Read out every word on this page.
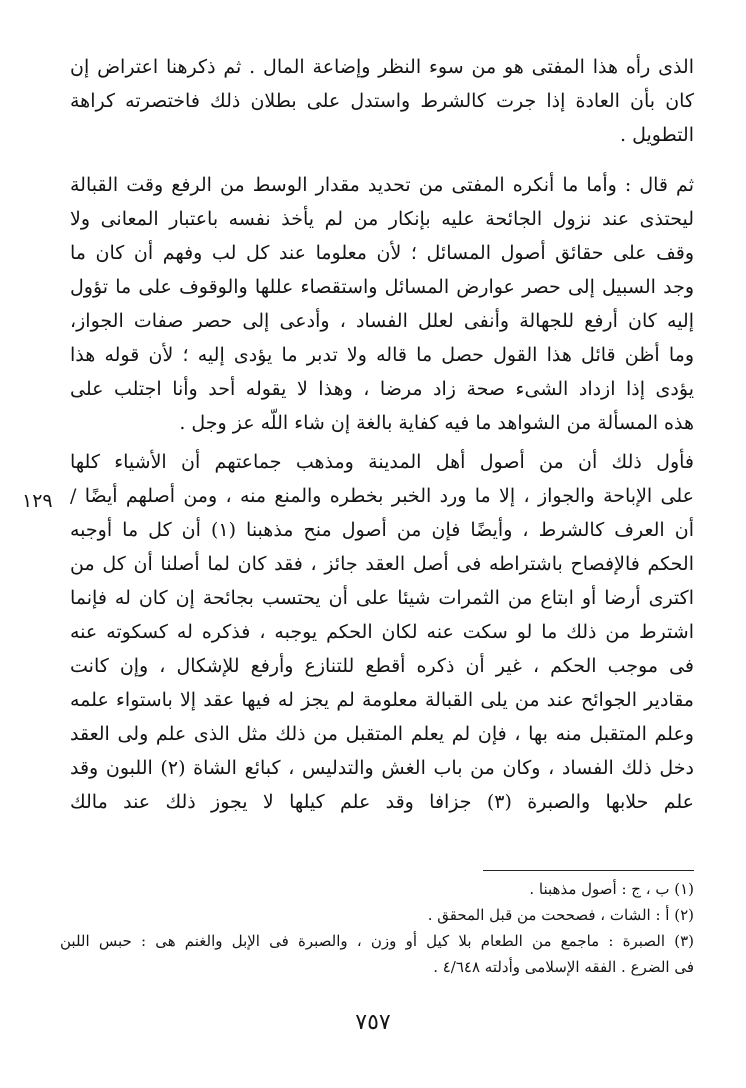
الذى رأه هذا المفتى هو من سوء النظر وإضاعة المال . ثم ذكرهنا اعتراض إن
كان بأن العادة إذا جرت كالشرط واستدل على بطلان ذلك فاختصرته كراهة
التطويل .
ثم قال : وأما ما أنكره المفتى من تحديد مقدار الوسط من الرفع وقت القبالة
ليحتذى عند نزول الجائحة عليه بإنكار من لم يأخذ نفسه باعتبار المعانى ولا
وقف على حقائق أصول المسائل ؛ لأن معلوما عند كل لب وفهم أن كان ما
وجد السبيل إلى حصر عوارض المسائل واستقصاء عللها والوقوف على ما تؤول
إليه كان أرفع للجهالة وأنفى لعلل الفساد ، وأدعى إلى حصر صفات الجواز،
وما أظن قائل هذا القول حصل ما قاله ولا تدبر ما يؤدى إليه ؛ لأن قوله هذا
يؤدى إذا ازداد الشىء صحة زاد مرضا ، وهذا لا يقوله أحد وأنا اجتلب على
هذه المسألة من الشواهد ما فيه كفاية بالغة إن شاء اللّه عز وجل .
فأول ذلك أن من أصول أهل المدينة ومذهب جماعتهم أن الأشياء كلها
على الإباحة والجواز ، إلا ما ورد الخبر بخطره والمنع منه ، ومن أصلهم أيضًا /
أن العرف كالشرط ، وأيضًا فإن من أصول منح مذهبنا (١) أن كل ما أوجبه
الحكم فالإفصاح باشتراطه فى أصل العقد جائز ، فقد كان لما أصلنا أن كل من
اكترى أرضا أو ابتاع من الثمرات شيئا على أن يحتسب بجائحة إن كان له فإنما
اشترط من ذلك ما لو سكت عنه لكان الحكم يوجبه ، فذكره له كسكوته عنه
فى موجب الحكم ، غير أن ذكره أقطع للتنازع وأرفع للإشكال ، وإن كانت
مقادير الجوائح عند من يلى القبالة معلومة لم يجز له فيها عقد إلا باستواء علمه
وعلم المتقبل منه بها ، فإن لم يعلم المتقبل من ذلك مثل الذى علم ولى العقد
دخل ذلك الفساد ، وكان من باب الغش والتدليس ، كبائع الشاة (٢) اللبون وقد
علم حلابها والصبرة (٣) جزافا وقد علم كيلها لا يجوز ذلك عند مالك
١٢٩
(١) ب ، ج : أصول مذهبنا .
(٢) أ : الشات ، فصححت من قبل المحقق .
(٣) الصبرة : ماجمع من الطعام بلا كيل أو وزن ، والصبرة فى الإبل والغنم هى : حبس اللبن
فى الضرع . الفقه الإسلامى وأدلته ٤/٦٤٨ .
٧٥٧
